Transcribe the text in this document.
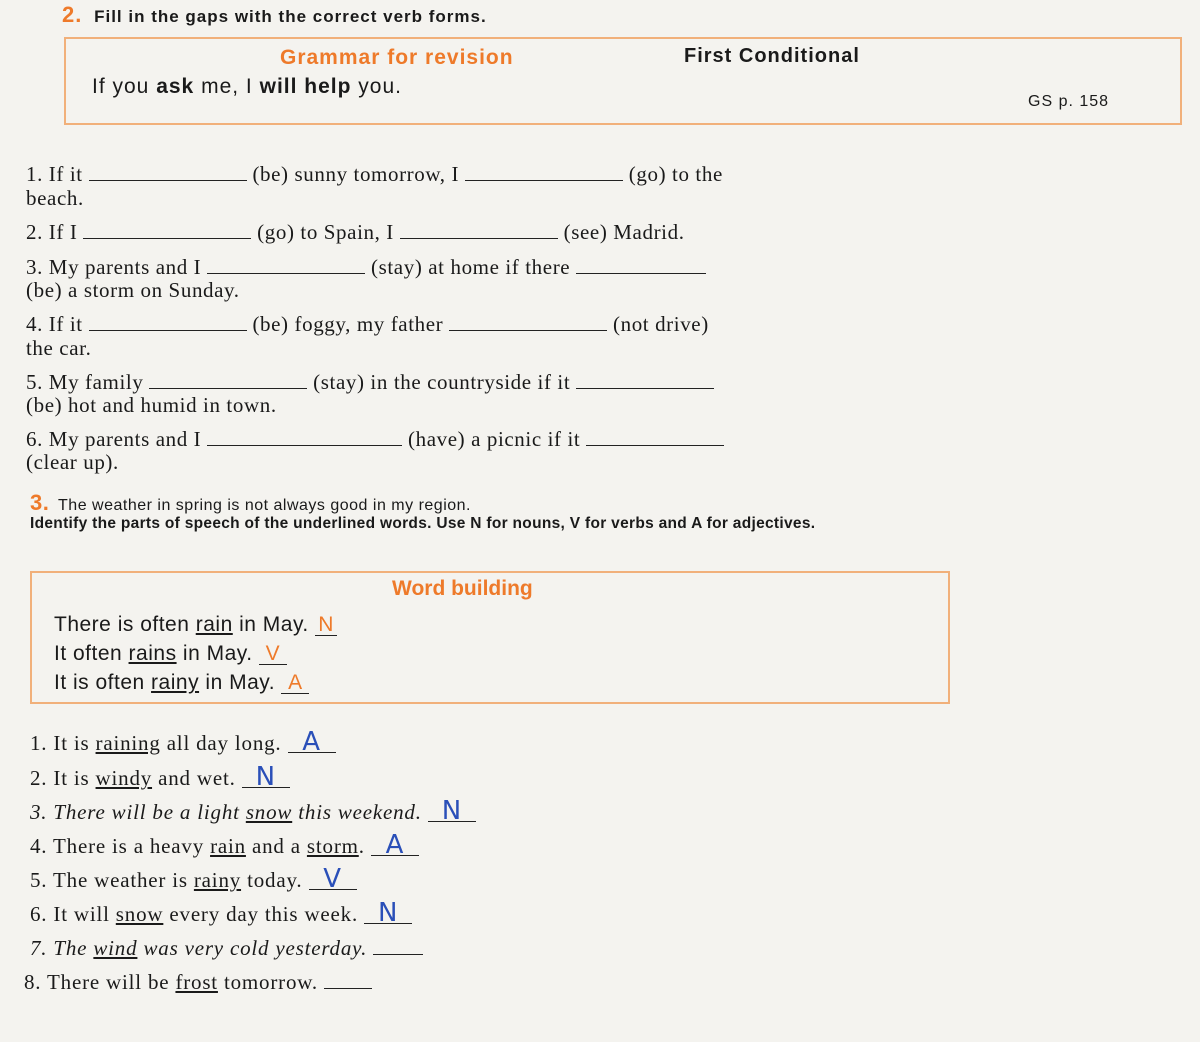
2. Fill in the gaps with the correct verb forms.
Grammar for revision	First Conditional
If you ask me, I will help you.
GS p. 158
1. If it	(be) sunny tomorrow, I	(go) to the
beach.
2. If I	(go) to Spain, I	(see) Madrid.
3. My parents and I	(stay) at home if there
(be) a storm on Sunday.
4. If it	(be) foggy, my father	(not drive)
the car.
5. My family	(stay) in the countryside if it
(be) hot and humid in town.
6. My parents and I	(have) a picnic if it
(clear up).
3. The weather in spring is not always good in my region.
Identify the parts of speech of the underlined words. Use N for nouns, V for verbs and A for adjectives.
Word building
There is often rain in May. N
It often rains in May. V
It is often rainy in May. A
1. It is raining all day long. A
2. It is windy and wet. N
3. There will be a light snow this weekend. N
4. There is a heavy rain and a storm. A
5. The weather is rainy today. V
6. It will snow every day this week. N
7. The wind was very cold yesterday.
8. There will be frost tomorrow.
